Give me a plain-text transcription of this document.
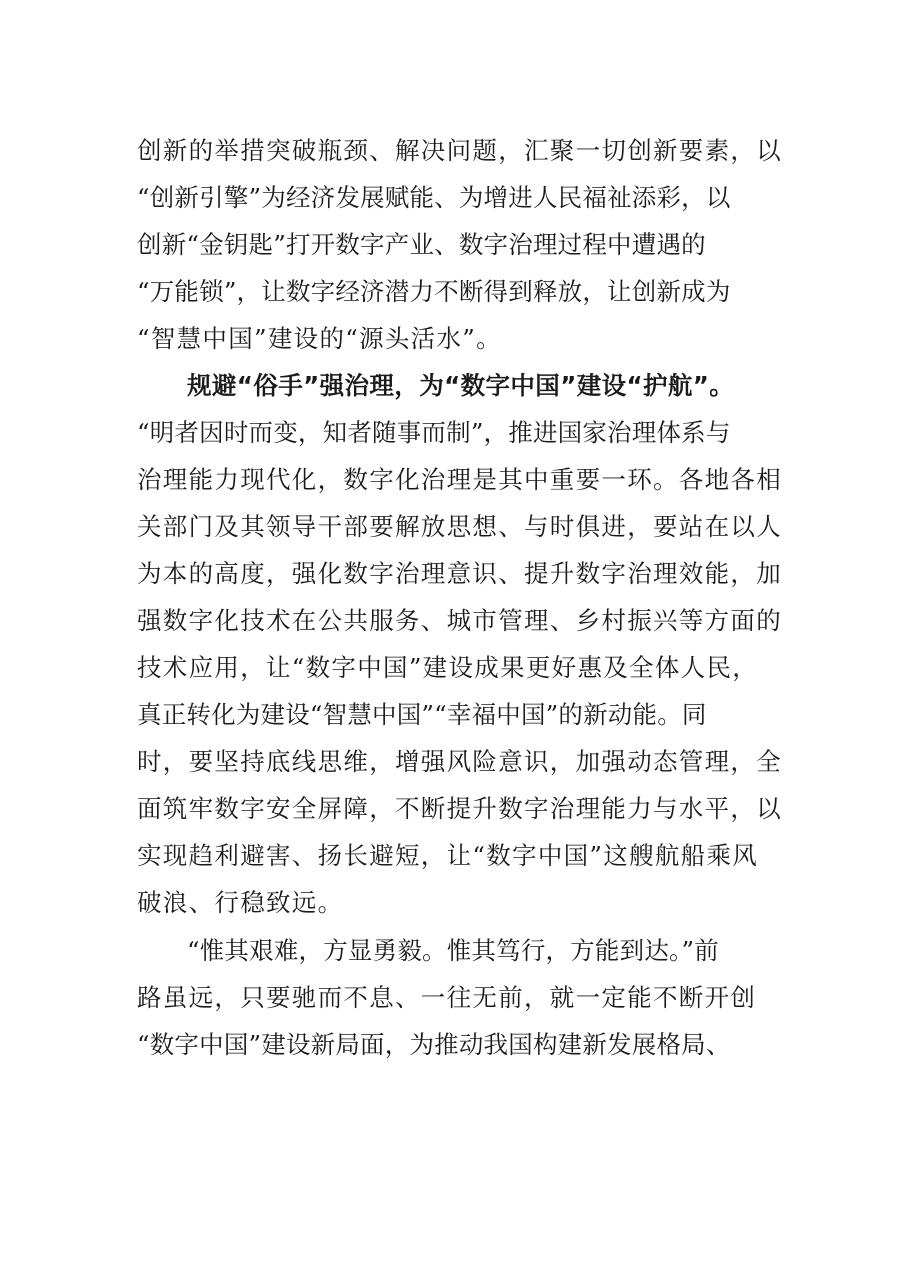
创新的举措突破瓶颈、解决问题，汇聚一切创新要素，以
“创新引擎”为经济发展赋能、为增进人民福祉添彩，以
创新“金钥匙”打开数字产业、数字治理过程中遭遇的
“万能锁”，让数字经济潜力不断得到释放，让创新成为
“智慧中国”建设的“源头活水”。
规避“俗手”强治理，为“数字中国”建设“护航”。
“明者因时而变，知者随事而制”，推进国家治理体系与
治理能力现代化，数字化治理是其中重要一环。各地各相
关部门及其领导干部要解放思想、与时俱进，要站在以人
为本的高度，强化数字治理意识、提升数字治理效能，加
强数字化技术在公共服务、城市管理、乡村振兴等方面的
技术应用，让“数字中国”建设成果更好惠及全体人民，
真正转化为建设“智慧中国”“幸福中国”的新动能。同
时，要坚持底线思维，增强风险意识，加强动态管理，全
面筑牢数字安全屏障，不断提升数字治理能力与水平，以
实现趋利避害、扬长避短，让“数字中国”这艘航船乘风
破浪、行稳致远。
“惟其艰难，方显勇毅。惟其笃行，方能到达。”前
路虽远，只要驰而不息、一往无前，就一定能不断开创
“数字中国”建设新局面，为推动我国构建新发展格局、
